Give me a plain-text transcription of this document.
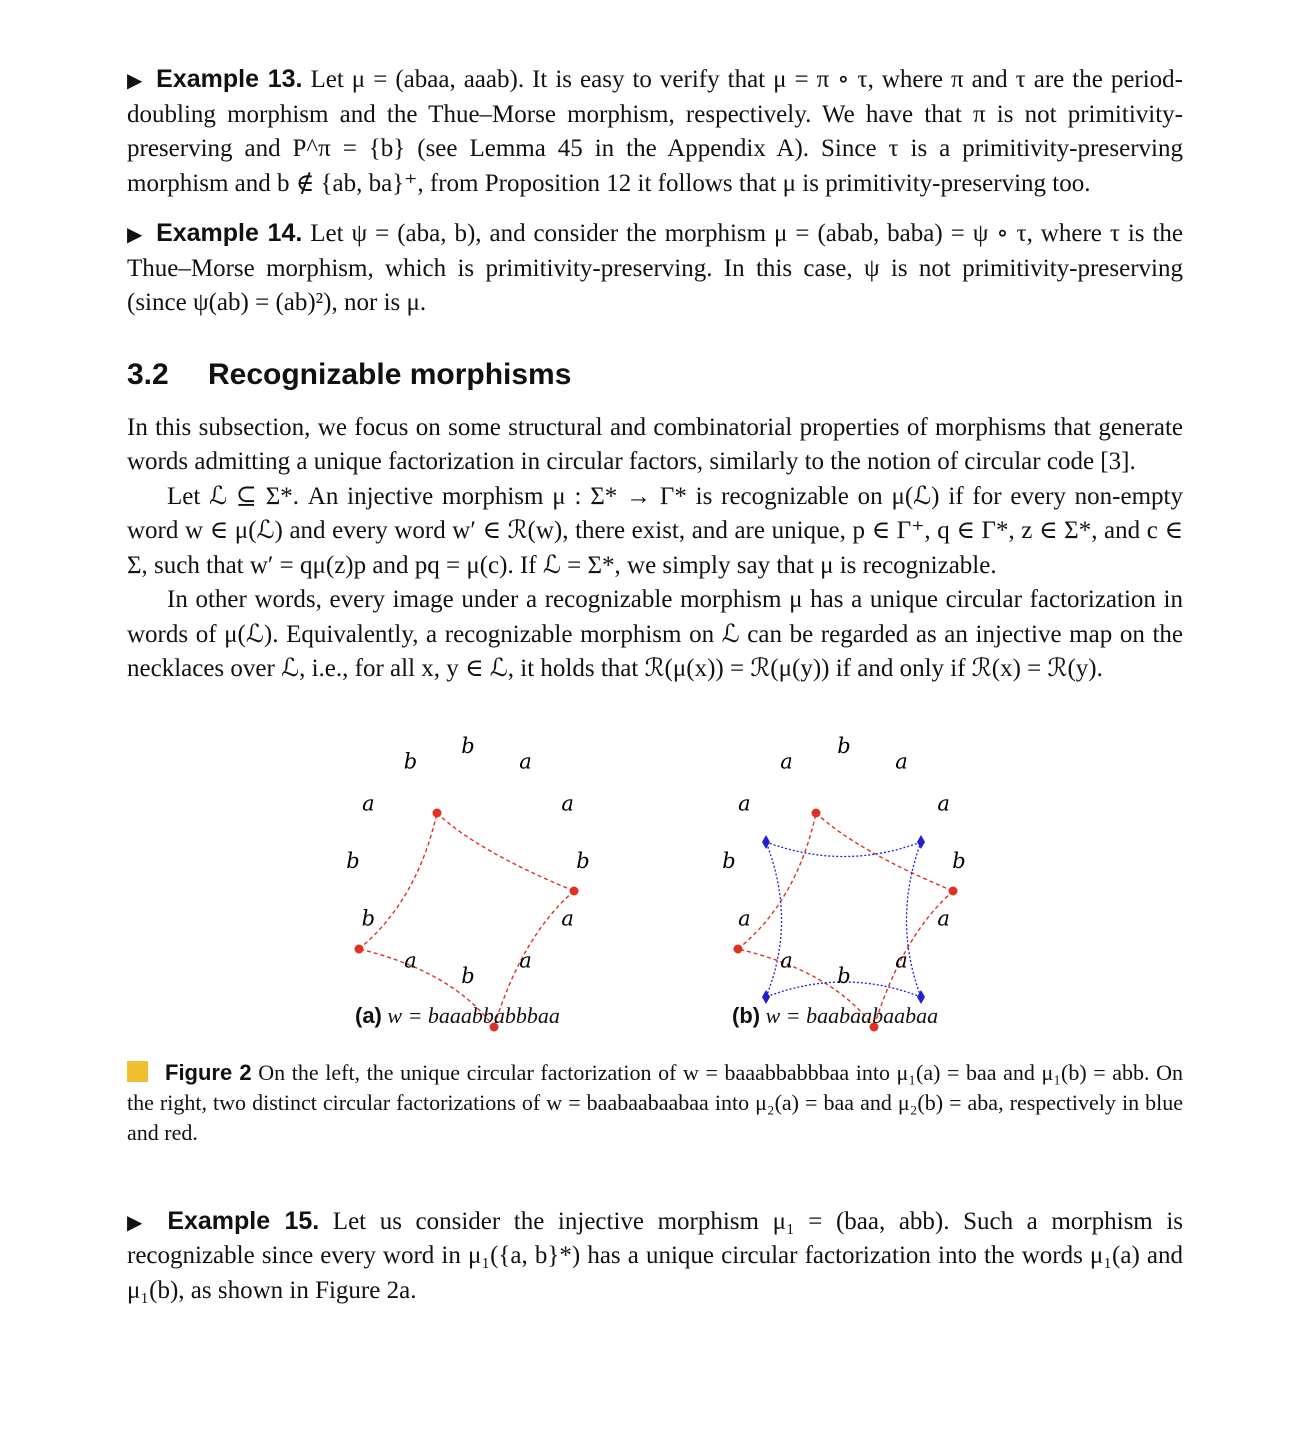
▶ Example 13. Let μ = (abaa, aaab). It is easy to verify that μ = π ∘ τ, where π and τ are the period-doubling morphism and the Thue–Morse morphism, respectively. We have that π is not primitivity-preserving and P^π = {b} (see Lemma 45 in the Appendix A). Since τ is a primitivity-preserving morphism and b ∉ {ab, ba}⁺, from Proposition 12 it follows that μ is primitivity-preserving too.

▶ Example 14. Let ψ = (aba, b), and consider the morphism μ = (abab, baba) = ψ ∘ τ, where τ is the Thue–Morse morphism, which is primitivity-preserving. In this case, ψ is not primitivity-preserving (since ψ(ab) = (ab)²), nor is μ.

3.2 Recognizable morphisms

In this subsection, we focus on some structural and combinatorial properties of morphisms that generate words admitting a unique factorization in circular factors, similarly to the notion of circular code [3].

Let ℒ ⊆ Σ*. An injective morphism μ : Σ* → Γ* is recognizable on μ(ℒ) if for every non-empty word w ∈ μ(ℒ) and every word w′ ∈ ℛ(w), there exist, and are unique, p ∈ Γ⁺, q ∈ Γ*, z ∈ Σ*, and c ∈ Σ, such that w′ = qμ(z)p and pq = μ(c). If ℒ = Σ*, we simply say that μ is recognizable.

In other words, every image under a recognizable morphism μ has a unique circular factorization in words of μ(ℒ). Equivalently, a recognizable morphism on ℒ can be regarded as an injective map on the necklaces over ℒ, i.e., for all x, y ∈ ℒ, it holds that ℛ(μ(x)) = ℛ(μ(y)) if and only if ℛ(x) = ℛ(y).

b
a
a
b
a
a
b
a
b
b
a
b
b
a
a
b
a
a
b
a
a
b
a
a
(a) w = baaabbabbbaa	(b) w = baabaabaabaa

Figure 2 On the left, the unique circular factorization of w = baaabbabbbaa into μ₁(a) = baa and μ₁(b) = abb. On the right, two distinct circular factorizations of w = baabaabaabaa into μ₂(a) = baa and μ₂(b) = aba, respectively in blue and red.

▶ Example 15. Let us consider the injective morphism μ₁ = (baa, abb). Such a morphism is recognizable since every word in μ₁({a, b}*) has a unique circular factorization into the words μ₁(a) and μ₁(b), as shown in Figure 2a.
